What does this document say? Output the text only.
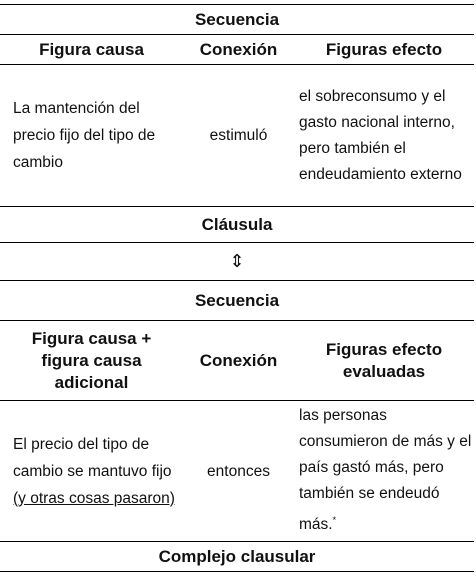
Secuencia		
Figura causa	Conexión	Figuras efecto
La mantención del precio fijo del tipo de cambio	estimuló	el sobreconsumo y el gasto nacional interno, pero también el endeudamiento externo
Cláusula		
⇕		
Secuencia		
Figura causa + figura causa adicional	Conexión	Figuras efecto evaluadas
El precio del tipo de cambio se mantuvo fijo (y otras cosas pasaron)	entonces	las personas consumieron de más y el país gastó más, pero también se endeudó más.*
Complejo clausular		
